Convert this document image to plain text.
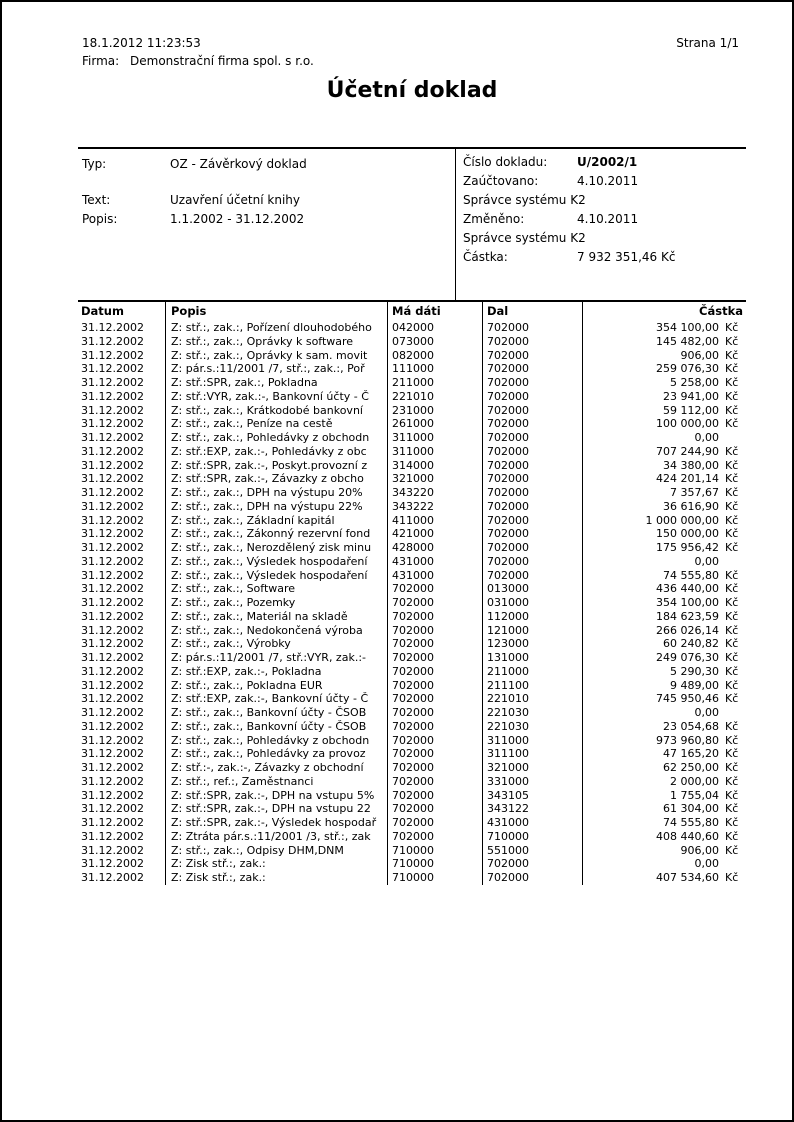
18.1.2012 11:23:53	Strana 1/1
Firma: Demonstrační firma spol. s r.o.
Účetní doklad
Typ:	OZ - Závěrkový doklad
Text:	Uzavření účetní knihy
Popis:	1.1.2002 - 31.12.2002
Číslo dokladu: U/2002/1
Zaúčtovano:	4.10.2011
Správce systému K2
Změněno:	4.10.2011
Správce systému K2
Částka:	7 932 351,46 Kč
Datum	Popis	Má dáti	Dal	Částka
31.12.2002	Z: stř.:, zak.:, Pořízení dlouhodobého	042000	702000	354 100,00 Kč
31.12.2002	Z: stř.:, zak.:, Oprávky k software	073000	702000	145 482,00 Kč
31.12.2002	Z: stř.:, zak.:, Oprávky k sam. movit	082000	702000	906,00 Kč
31.12.2002	Z: pár.s.:11/2001 /7, stř.:, zak.:, Poř	111000	702000	259 076,30 Kč
31.12.2002	Z: stř.:SPR, zak.:, Pokladna	211000	702000	5 258,00 Kč
31.12.2002	Z: stř.:VYR, zak.:-, Bankovní účty - Č	221010	702000	23 941,00 Kč
31.12.2002	Z: stř.:, zak.:, Krátkodobé bankovní	231000	702000	59 112,00 Kč
31.12.2002	Z: stř.:, zak.:, Peníze na cestě	261000	702000	100 000,00 Kč
31.12.2002	Z: stř.:, zak.:, Pohledávky z obchodn	311000	702000	0,00
31.12.2002	Z: stř.:EXP, zak.:-, Pohledávky z obc	311000	702000	707 244,90 Kč
31.12.2002	Z: stř.:SPR, zak.:-, Poskyt.provozní z	314000	702000	34 380,00 Kč
31.12.2002	Z: stř.:SPR, zak.:-, Závazky z obcho	321000	702000	424 201,14 Kč
31.12.2002	Z: stř.:, zak.:, DPH na výstupu 20%	343220	702000	7 357,67 Kč
31.12.2002	Z: stř.:, zak.:, DPH na výstupu 22%	343222	702000	36 616,90 Kč
31.12.2002	Z: stř.:, zak.:, Základní kapitál	411000	702000	1 000 000,00 Kč
31.12.2002	Z: stř.:, zak.:, Zákonný rezervní fond	421000	702000	150 000,00 Kč
31.12.2002	Z: stř.:, zak.:, Nerozdělený zisk minu	428000	702000	175 956,42 Kč
31.12.2002	Z: stř.:, zak.:, Výsledek hospodaření	431000	702000	0,00
31.12.2002	Z: stř.:, zak.:, Výsledek hospodaření	431000	702000	74 555,80 Kč
31.12.2002	Z: stř.:, zak.:, Software	702000	013000	436 440,00 Kč
31.12.2002	Z: stř.:, zak.:, Pozemky	702000	031000	354 100,00 Kč
31.12.2002	Z: stř.:, zak.:, Materiál na skladě	702000	112000	184 623,59 Kč
31.12.2002	Z: stř.:, zak.:, Nedokončená výroba	702000	121000	266 026,14 Kč
31.12.2002	Z: stř.:, zak.:, Výrobky	702000	123000	60 240,82 Kč
31.12.2002	Z: pár.s.:11/2001 /7, stř.:VYR, zak.:-	702000	131000	249 076,30 Kč
31.12.2002	Z: stř.:EXP, zak.:-, Pokladna	702000	211000	5 290,30 Kč
31.12.2002	Z: stř.:, zak.:, Pokladna EUR	702000	211100	9 489,00 Kč
31.12.2002	Z: stř.:EXP, zak.:-, Bankovní účty - Č	702000	221010	745 950,46 Kč
31.12.2002	Z: stř.:, zak.:, Bankovní účty - ČSOB	702000	221030	0,00
31.12.2002	Z: stř.:, zak.:, Bankovní účty - ČSOB	702000	221030	23 054,68 Kč
31.12.2002	Z: stř.:, zak.:, Pohledávky z obchodn	702000	311000	973 960,80 Kč
31.12.2002	Z: stř.:, zak.:, Pohledávky za provoz	702000	311100	47 165,20 Kč
31.12.2002	Z: stř.:-, zak.:-, Závazky z obchodní	702000	321000	62 250,00 Kč
31.12.2002	Z: stř.:, ref.:, Zaměstnanci	702000	331000	2 000,00 Kč
31.12.2002	Z: stř.:SPR, zak.:-, DPH na vstupu 5%	702000	343105	1 755,04 Kč
31.12.2002	Z: stř.:SPR, zak.:-, DPH na vstupu 22	702000	343122	61 304,00 Kč
31.12.2002	Z: stř.:SPR, zak.:-, Výsledek hospodař	702000	431000	74 555,80 Kč
31.12.2002	Z: Ztráta pár.s.:11/2001 /3, stř.:, zak	702000	710000	408 440,60 Kč
31.12.2002	Z: stř.:, zak.:, Odpisy DHM,DNM	710000	551000	906,00 Kč
31.12.2002	Z: Zisk stř.:, zak.:	710000	702000	0,00
31.12.2002	Z: Zisk stř.:, zak.:	710000	702000	407 534,60 Kč
